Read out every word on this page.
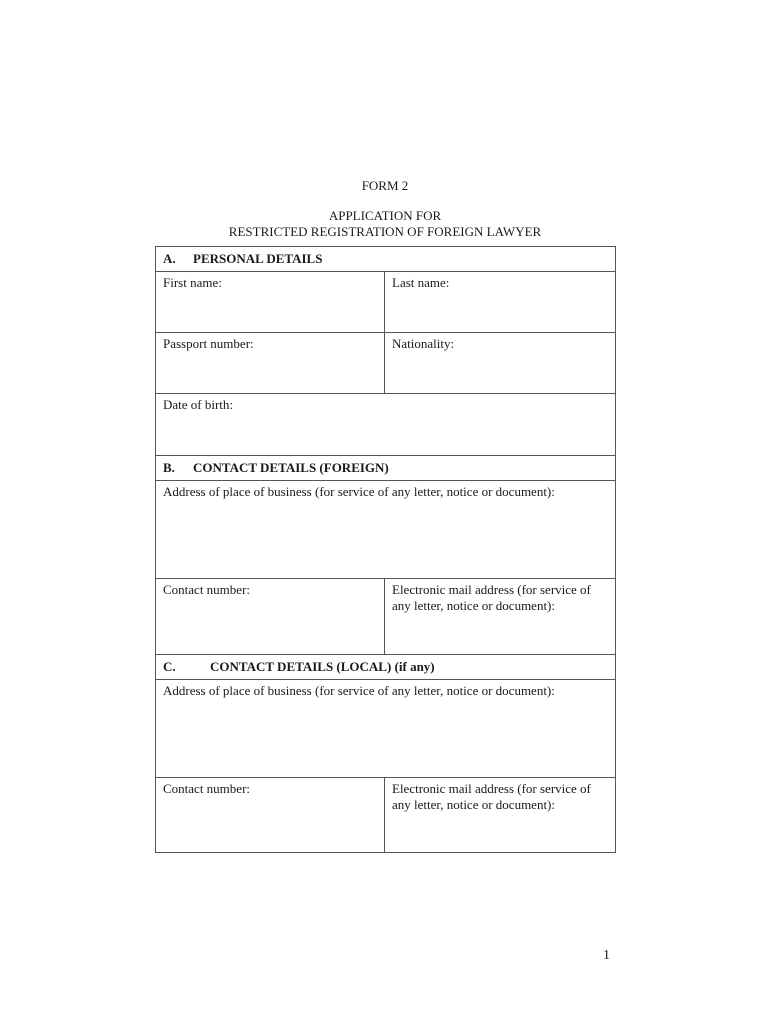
FORM 2
APPLICATION FOR
RESTRICTED REGISTRATION OF FOREIGN LAWYER
A. PERSONAL DETAILS	
First name:	Last name:
Passport number:	Nationality:
Date of birth:	
B. CONTACT DETAILS (FOREIGN)	
Address of place of business (for service of any letter, notice or document):	
Contact number:	Electronic mail address (for service of any letter, notice or document):
C. CONTACT DETAILS (LOCAL) (if any)	
Address of place of business (for service of any letter, notice or document):	
Contact number:	Electronic mail address (for service of any letter, notice or document):
1
